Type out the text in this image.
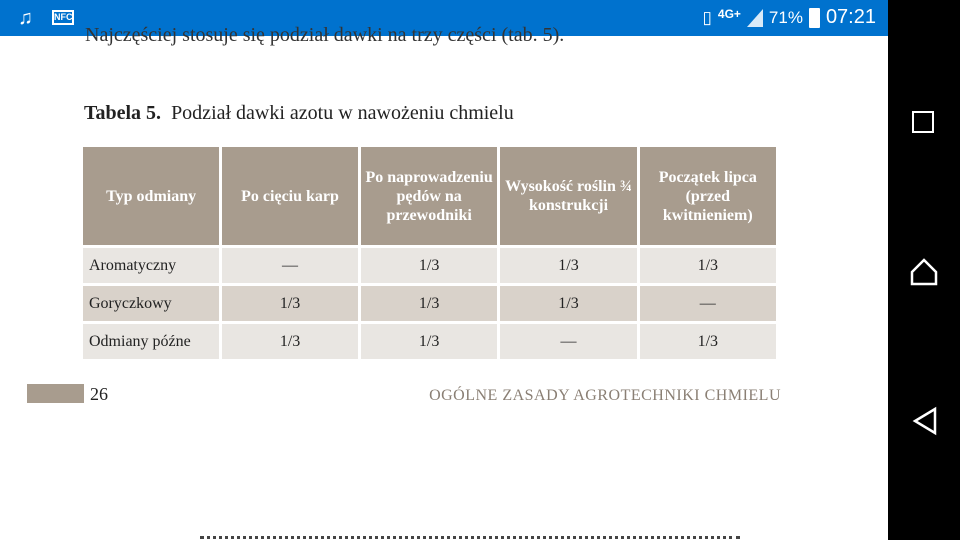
♫ NFC	▯ 4G+ 71% 07:21
Najczęściej stosuje się podział dawki na trzy części (tab. 5).
Tabela 5. Podział dawki azotu w nawożeniu chmielu
Typ odmiany	Po cięciu karp	Po naprowadzeniu pędów na przewodniki	Wysokość roślin ¾ konstrukcji	Początek lipca (przed kwitnieniem)
Aromatyczny	—	1/3	1/3	1/3
Goryczkowy	1/3	1/3	1/3	—
Odmiany późne	1/3	1/3	—	1/3
26	OGÓLNE ZASADY AGROTECHNIKI CHMIELU
